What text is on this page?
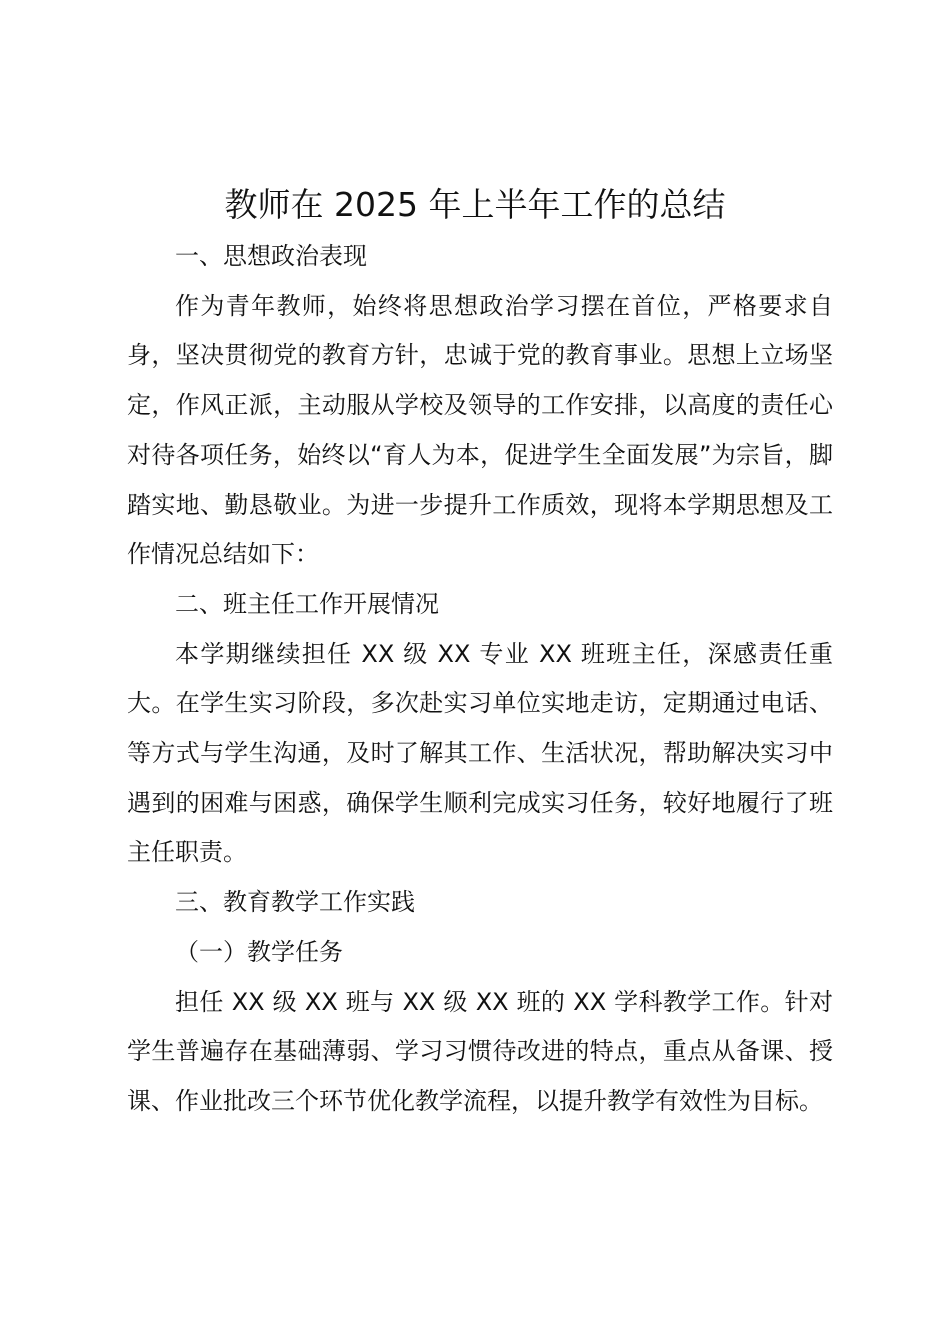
教师在 2025 年上半年工作的总结

一、思想政治表现

作为青年教师，始终将思想政治学习摆在首位，严格要求自身，坚决贯彻党的教育方针，忠诚于党的教育事业。思想上立场坚定，作风正派，主动服从学校及领导的工作安排，以高度的责任心对待各项任务，始终以“育人为本，促进学生全面发展”为宗旨，脚踏实地、勤恳敬业。为进一步提升工作质效，现将本学期思想及工作情况总结如下：

二、班主任工作开展情况

本学期继续担任 XX 级 XX 专业 XX 班班主任，深感责任重大。在学生实习阶段，多次赴实习单位实地走访，定期通过电话、等方式与学生沟通，及时了解其工作、生活状况，帮助解决实习中遇到的困难与困惑，确保学生顺利完成实习任务，较好地履行了班主任职责。

三、教育教学工作实践

（一）教学任务

担任 XX 级 XX 班与 XX 级 XX 班的 XX 学科教学工作。针对学生普遍存在基础薄弱、学习习惯待改进的特点，重点从备课、授课、作业批改三个环节优化教学流程，以提升教学有效性为目标。
